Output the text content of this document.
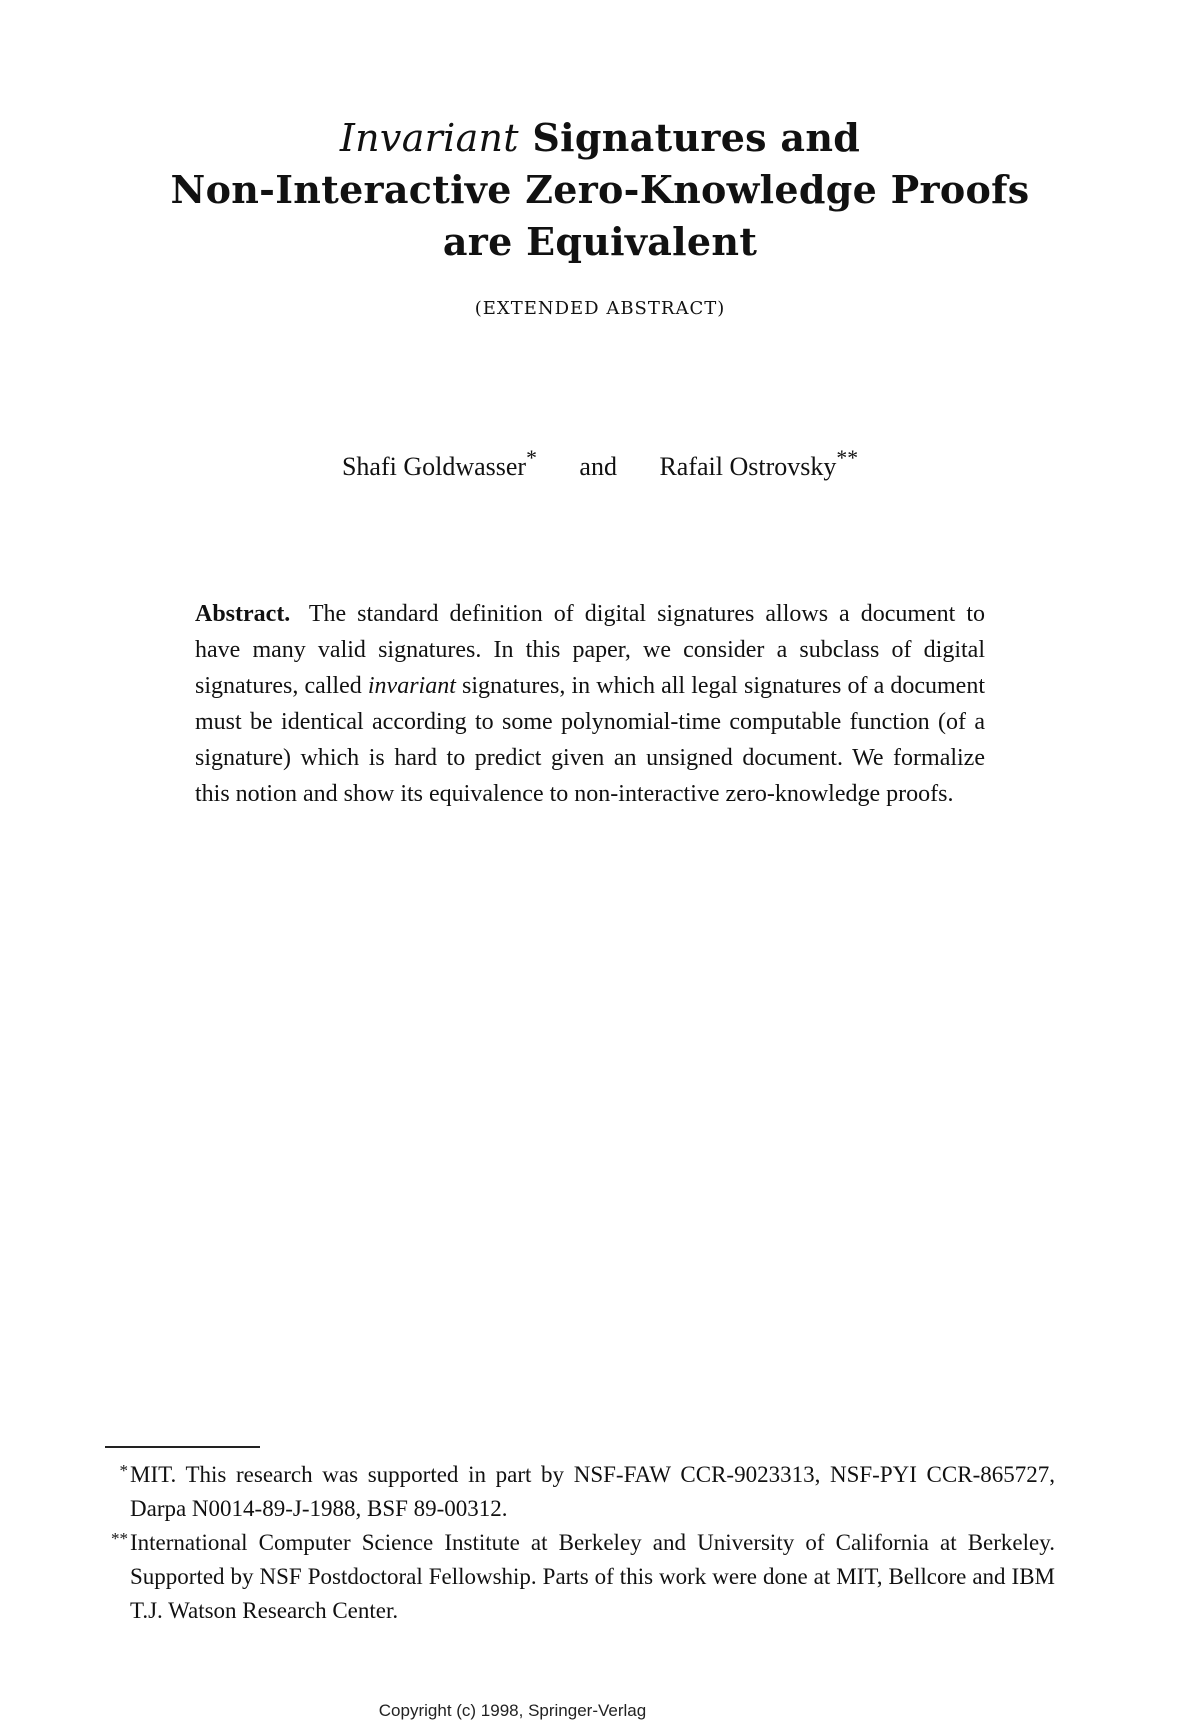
Invariant Signatures and
Non-Interactive Zero-Knowledge Proofs
are Equivalent
(EXTENDED ABSTRACT)
Shafi Goldwasser* and Rafail Ostrovsky**
Abstract. The standard definition of digital signatures allows a document to have many valid signatures. In this paper, we consider a subclass of digital signatures, called invariant signatures, in which all legal signatures of a document must be identical according to some polynomial-time computable function (of a signature) which is hard to predict given an unsigned document. We formalize this notion and show its equivalence to non-interactive zero-knowledge proofs.
* MIT. This research was supported in part by NSF-FAW CCR-9023313, NSF-PYI CCR-865727, Darpa N0014-89-J-1988, BSF 89-00312.
** International Computer Science Institute at Berkeley and University of California at Berkeley. Supported by NSF Postdoctoral Fellowship. Parts of this work were done at MIT, Bellcore and IBM T.J. Watson Research Center.
Copyright (c) 1998, Springer-Verlag
